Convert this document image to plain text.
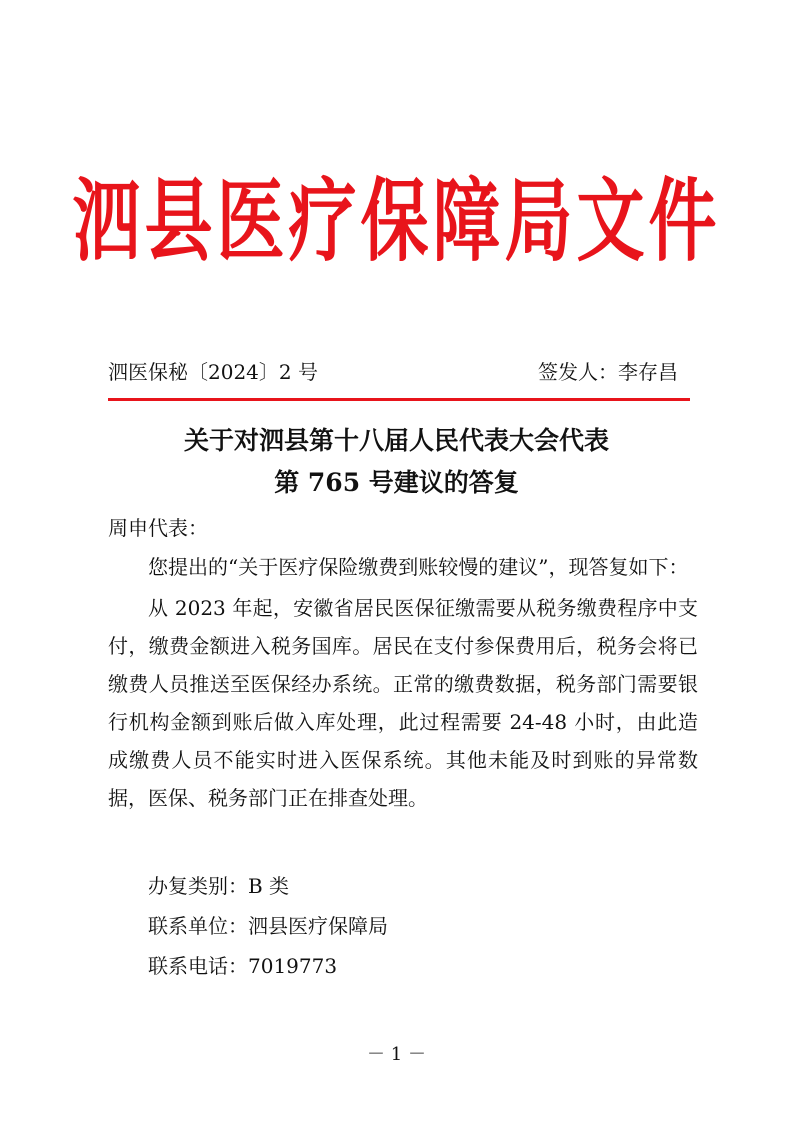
泗县医疗保障局文件
泗医保秘〔2024〕2 号	签发人：李存昌
关于对泗县第十八届人民代表大会代表
第 765 号建议的答复
周申代表：
您提出的“关于医疗保险缴费到账较慢的建议”，现答复如下：
从 2023 年起，安徽省居民医保征缴需要从税务缴费程序中支付，缴费金额进入税务国库。居民在支付参保费用后，税务会将已缴费人员推送至医保经办系统。正常的缴费数据，税务部门需要银行机构金额到账后做入库处理，此过程需要 24-48 小时，由此造成缴费人员不能实时进入医保系统。其他未能及时到账的异常数据，医保、税务部门正在排查处理。
办复类别：B 类
联系单位：泗县医疗保障局
联系电话：7019773
－ 1 －
